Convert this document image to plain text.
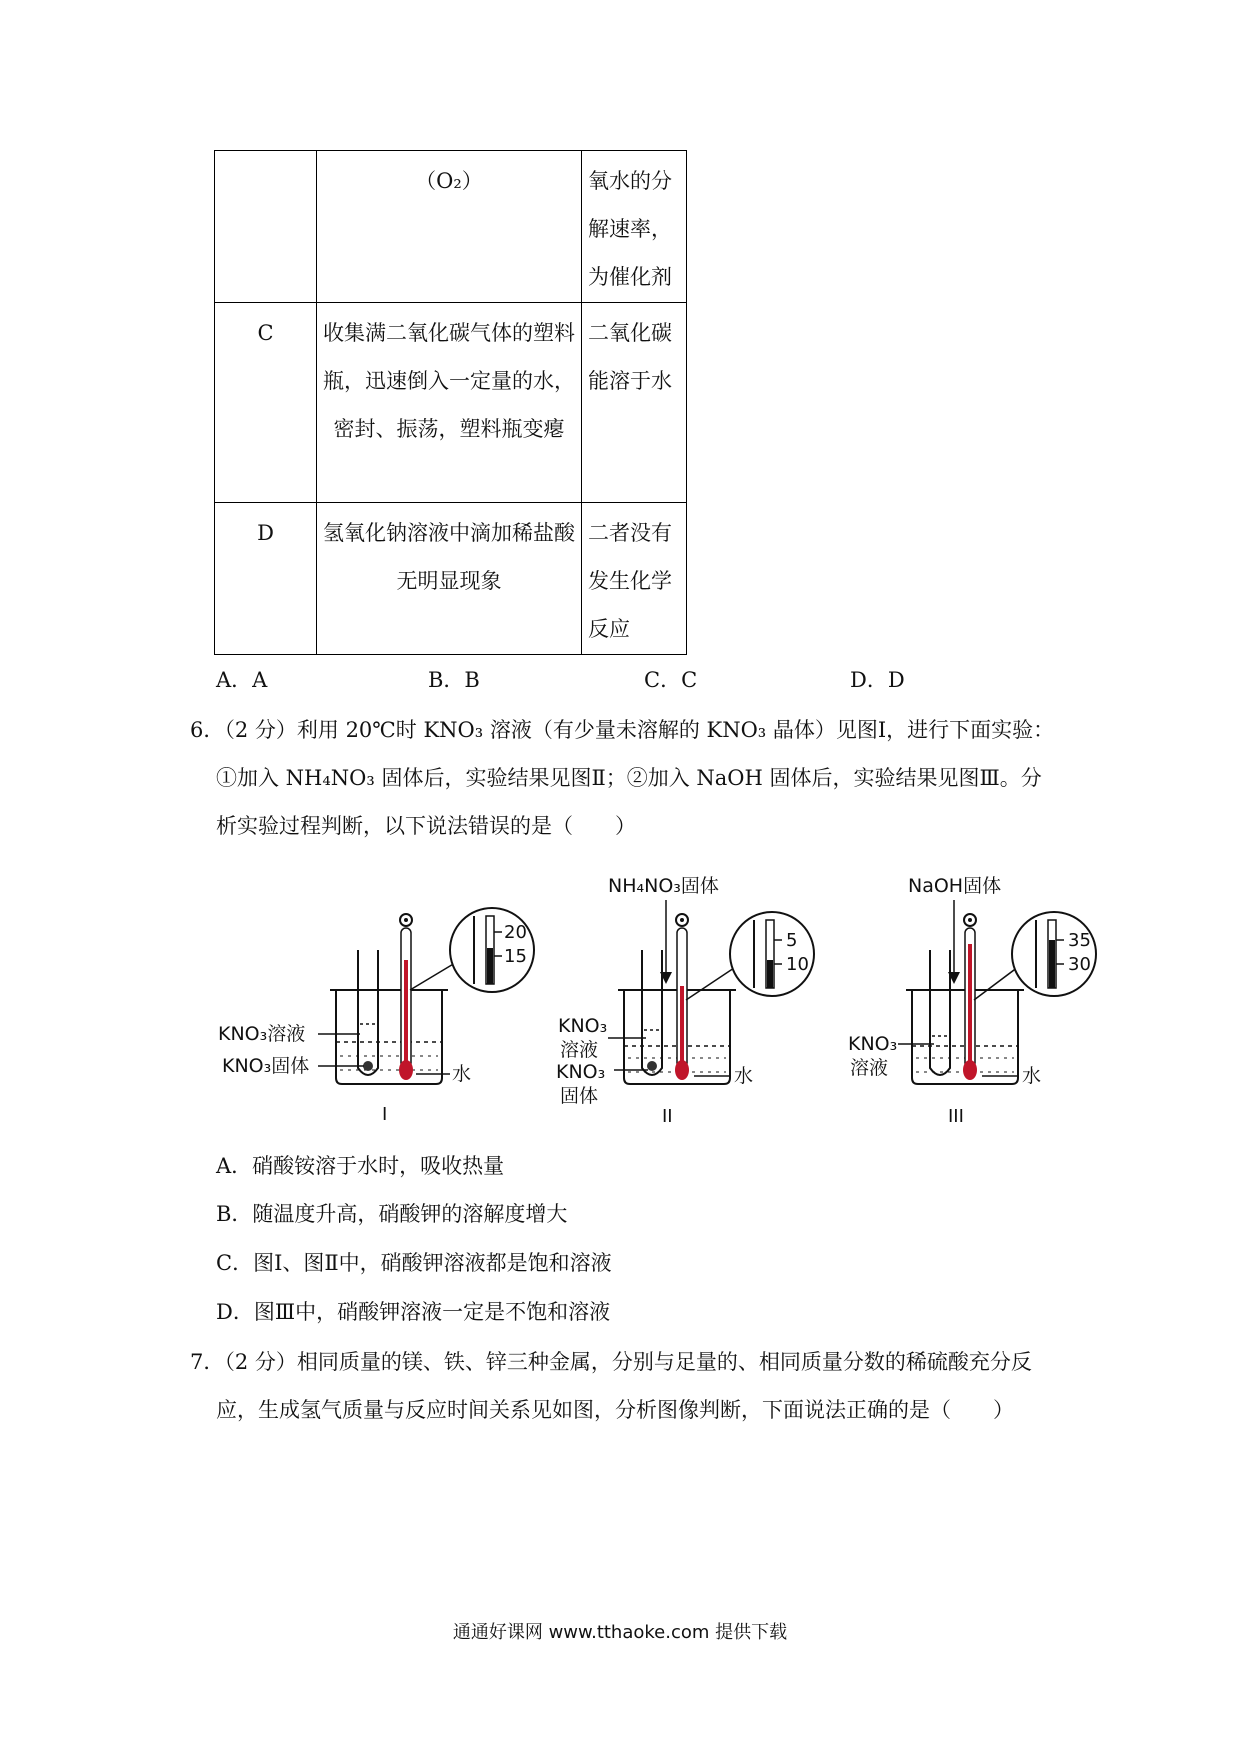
	（O₂）	氧水的分解速率，为催化剂
C	收集满二氧化碳气体的塑料瓶，迅速倒入一定量的水，密封、振荡，塑料瓶变瘪	二氧化碳能溶于水
D	氢氧化钠溶液中滴加稀盐酸无明显现象	二者没有发生化学反应
A．A	B．B	C．C	D．D
6．（2 分）利用 20℃时 KNO₃ 溶液（有少量未溶解的 KNO₃ 晶体）见图Ⅰ，进行下面实验：
①加入 NH₄NO₃ 固体后，实验结果见图Ⅱ；②加入 NaOH 固体后，实验结果见图Ⅲ。分
析实验过程判断，以下说法错误的是（　　）
20
15
KNO₃溶液
KNO₃固体	水
I
NH₄NO₃固体
5
10
KNO₃
溶液
KNO₃
固体
水
II
NaOH固体
35
30
KNO₃
溶液	水
III
A．硝酸铵溶于水时，吸收热量
B．随温度升高，硝酸钾的溶解度增大
C．图Ⅰ、图Ⅱ中，硝酸钾溶液都是饱和溶液
D．图Ⅲ中，硝酸钾溶液一定是不饱和溶液
7．（2 分）相同质量的镁、铁、锌三种金属，分别与足量的、相同质量分数的稀硫酸充分反
应，生成氢气质量与反应时间关系见如图，分析图像判断，下面说法正确的是（　　）
通通好课网 www.tthaoke.com 提供下载
